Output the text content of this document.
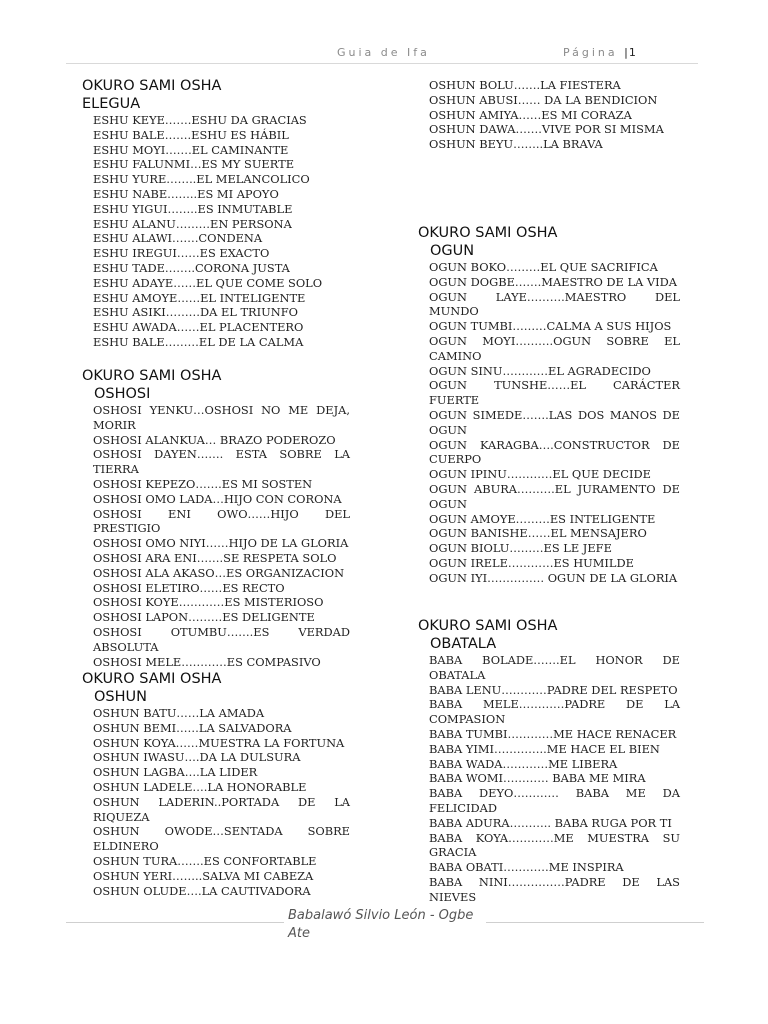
Guia de Ifa	Página |1
OKURO SAMI OSHA
ELEGUA
ESHU KEYE…….ESHU DA GRACIAS
ESHU BALE…….ESHU ES HÁBIL
ESHU MOYI…….EL CAMINANTE
ESHU FALUNMI…ES MY SUERTE
ESHU YURE……..EL MELANCOLICO
ESHU NABE……..ES MI APOYO
ESHU YIGUI……..ES INMUTABLE
ESHU ALANU………EN PERSONA
ESHU ALAWI…….CONDENA
ESHU IREGUI……ES EXACTO
ESHU TADE……..CORONA JUSTA
ESHU ADAYE……EL QUE COME SOLO
ESHU AMOYE……EL INTELIGENTE
ESHU ASIKI………DA EL TRIUNFO
ESHU AWADA……EL PLACENTERO
ESHU BALE………EL DE LA CALMA
OKURO SAMI OSHA
OSHOSI
OSHOSI YENKU…OSHOSI NO ME DEJA, MORIR
OSHOSI ALANKUA… BRAZO PODEROZO
OSHOSI DAYEN……. ESTA SOBRE LA TIERRA
OSHOSI KEPEZO…….ES MI SOSTEN
OSHOSI OMO LADA…HIJO CON CORONA
OSHOSI ENI OWO……HIJO DEL PRESTIGIO
OSHOSI OMO NIYI……HIJO DE LA GLORIA
OSHOSI ARA ENI…….SE RESPETA SOLO
OSHOSI ALA AKASO…ES ORGANIZACION
OSHOSI ELETIRO……ES RECTO
OSHOSI KOYE…………ES MISTERIOSO
OSHOSI LAPON………ES DELIGENTE
OSHOSI OTUMBU…….ES VERDAD ABSOLUTA
OSHOSI MELE…………ES COMPASIVO
OKURO SAMI OSHA
OSHUN
OSHUN BATU……LA AMADA
OSHUN BEMI……LA SALVADORA
OSHUN KOYA……MUESTRA LA FORTUNA
OSHUN IWASU….DA LA DULSURA
OSHUN LAGBA….LA LIDER
OSHUN LADELE….LA HONORABLE
OSHUN LADERIN..PORTADA DE LA RIQUEZA
OSHUN OWODE…SENTADA SOBRE ELDINERO
OSHUN TURA…….ES CONFORTABLE
OSHUN YERI……..SALVA MI CABEZA
OSHUN OLUDE….LA CAUTIVADORA
OSHUN BOLU…….LA FIESTERA
OSHUN ABUSI…… DA LA BENDICION
OSHUN AMIYA……ES MI CORAZA
OSHUN DAWA…….VIVE POR SI MISMA
OSHUN BEYU……..LA BRAVA
OKURO SAMI OSHA
OGUN
OGUN BOKO………EL QUE SACRIFICA
OGUN DOGBE…….MAESTRO DE LA VIDA
OGUN LAYE……….MAESTRO DEL MUNDO
OGUN TUMBI………CALMA A SUS HIJOS
OGUN MOYI……….OGUN SOBRE EL CAMINO
OGUN SINU…………EL AGRADECIDO
OGUN TUNSHE……EL CARÁCTER FUERTE
OGUN SIMEDE…….LAS DOS MANOS DE OGUN
OGUN KARAGBA….CONSTRUCTOR DE CUERPO
OGUN IPINU…………EL QUE DECIDE
OGUN ABURA……….EL JURAMENTO DE OGUN
OGUN AMOYE………ES INTELIGENTE
OGUN BANISHE……EL MENSAJERO
OGUN BIOLU………ES LE JEFE
OGUN IRELE…………ES HUMILDE
OGUN IYI…………… OGUN DE LA GLORIA
OKURO SAMI OSHA
OBATALA
BABA BOLADE…….EL HONOR DE OBATALA
BABA LENU…………PADRE DEL RESPETO
BABA MELE…………PADRE DE LA COMPASION
BABA TUMBI…………ME HACE RENACER
BABA YIMI…………..ME HACE EL BIEN
BABA WADA…………ME LIBERA
BABA WOMI………… BABA ME MIRA
BABA DEYO………… BABA ME DA FELICIDAD
BABA ADURA……….. BABA RUGA POR TI
BABA KOYA…………ME MUESTRA SU GRACIA
BABA OBATI…………ME INSPIRA
BABA NINI……………PADRE DE LAS NIEVES
Babalawó Silvio León - Ogbe Ate
